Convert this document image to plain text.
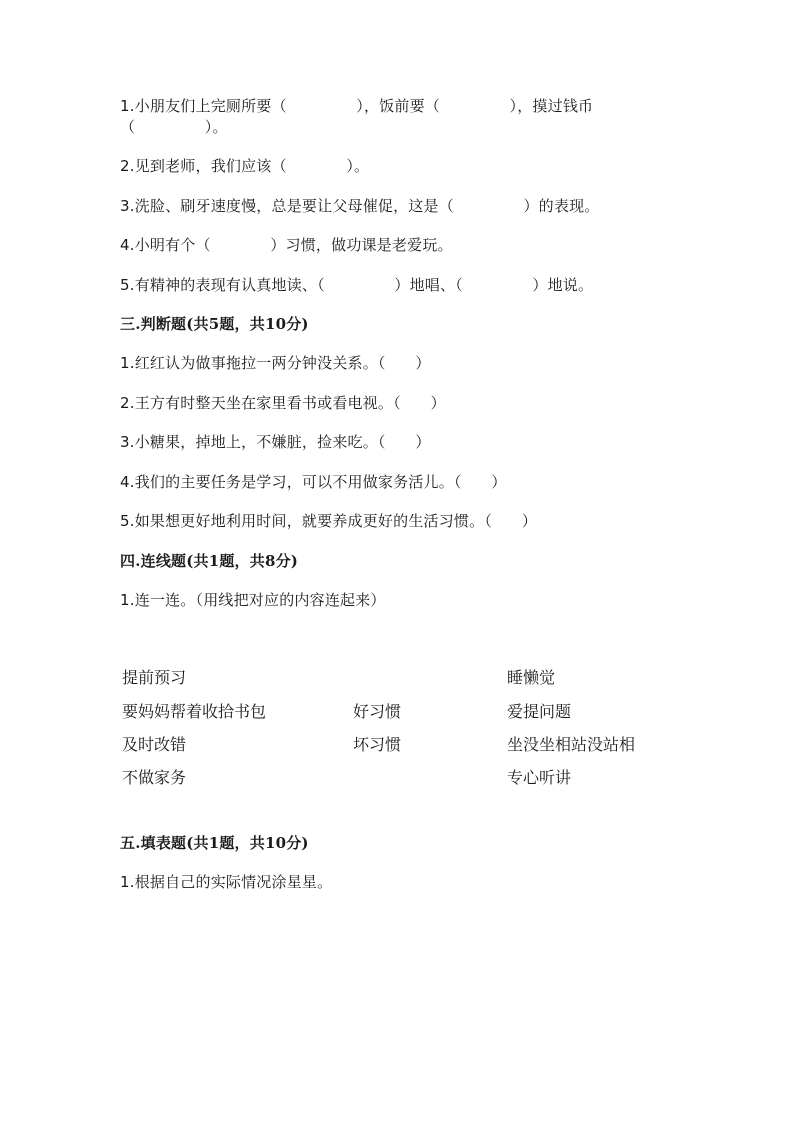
1.小朋友们上完厕所要（              ），饭前要（              ），摸过钱币
（              ）。
2.见到老师，我们应该（            ）。
3.洗脸、刷牙速度慢，总是要让父母催促，这是（              ）的表现。
4.小明有个（            ）习惯，做功课是老爱玩。
5.有精神的表现有认真地读、（              ）地唱、（              ）地说。
三.判断题(共5题，共10分)
1.红红认为做事拖拉一两分钟没关系。（      ）
2.王方有时整天坐在家里看书或看电视。（      ）
3.小糖果，掉地上，不嫌脏，捡来吃。（      ）
4.我们的主要任务是学习，可以不用做家务活儿。（      ）
5.如果想更好地利用时间，就要养成更好的生活习惯。（      ）
四.连线题(共1题，共8分)
1.连一连。（用线把对应的内容连起来）
提前预习
要妈妈帮着收拾书包
及时改错
不做家务
好习惯
坏习惯
睡懒觉
爱提问题
坐没坐相站没站相
专心听讲
五.填表题(共1题，共10分)
1.根据自己的实际情况涂星星。
